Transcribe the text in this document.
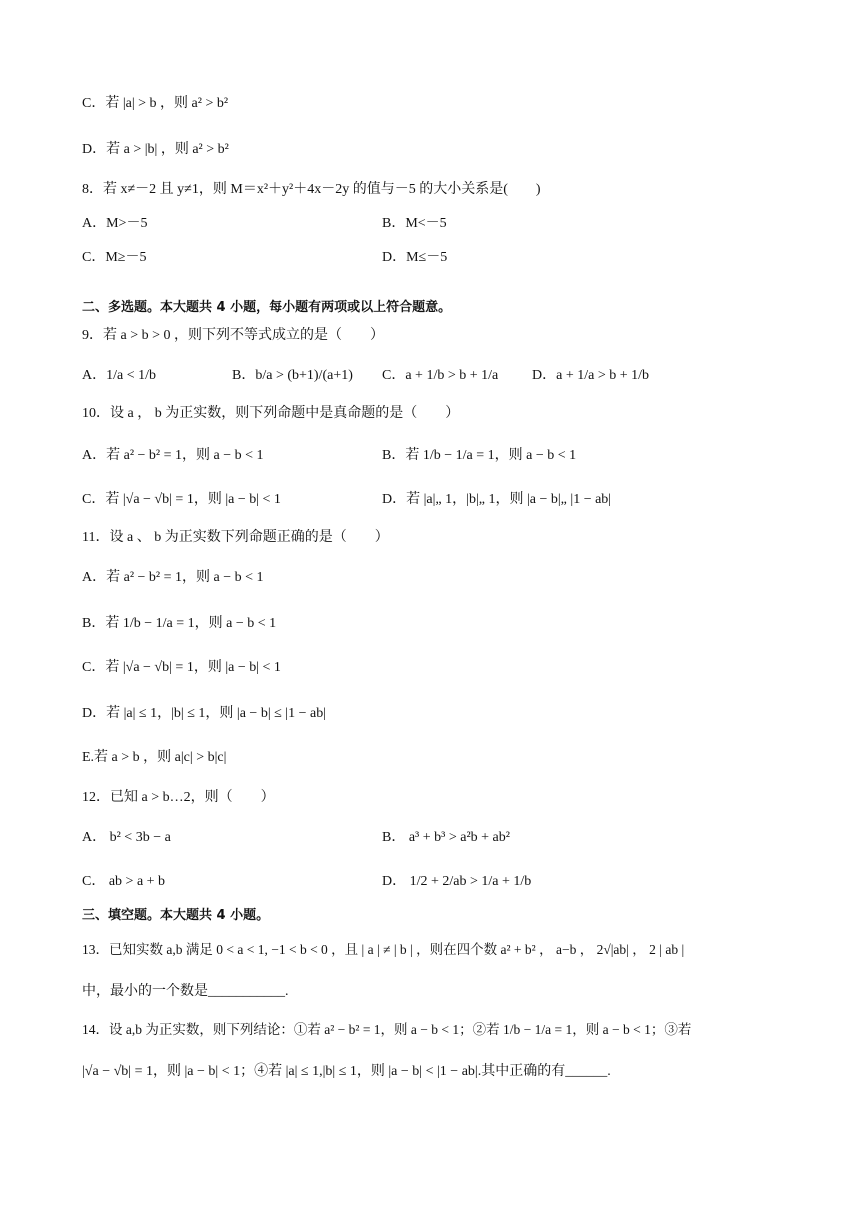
C．若 |a| > b ，则 a² > b²
D．若 a > |b| ，则 a² > b²
8．若 x≠－2 且 y≠1，则 M＝x²＋y²＋4x－2y 的值与－5 的大小关系是(　　)
A．M>－5	B．M<－5
C．M≥－5	D．M≤－5
二、多选题。本大题共 4 小题，每小题有两项或以上符合题意。
9．若 a > b > 0 ，则下列不等式成立的是（　　）
A．1/a < 1/b	B．b/a > (b+1)/(a+1) C．a + 1/b > b + 1/a D．a + 1/a > b + 1/b
10．设 a ， b 为正实数，则下列命题中是真命题的是（　　）
A．若 a² − b² = 1，则 a − b < 1	B．若 1/b − 1/a = 1，则 a − b < 1
C．若 |√a − √b| = 1，则 |a − b| < 1	D．若 |a|„ 1，|b|„ 1，则 |a − b|„ |1 − ab|
11．设 a 、 b 为正实数下列命题正确的是（　　）
A．若 a² − b² = 1，则 a − b < 1
B．若 1/b − 1/a = 1，则 a − b < 1
C．若 |√a − √b| = 1，则 |a − b| < 1
D．若 |a| ≤ 1，|b| ≤ 1，则 |a − b| ≤ |1 − ab|
E.若 a > b ，则 a|c| > b|c|
12．已知 a > b…2，则（　　）
A． b² < 3b − a	B． a³ + b³ > a²b + ab²
C． ab > a + b	D． 1/2 + 2/ab > 1/a + 1/b
三、填空题。本大题共 4 小题。
13．已知实数 a,b 满足 0 < a < 1, −1 < b < 0 ，且 | a | ≠ | b | ，则在四个数 a² + b² ， a−b ， 2√|ab| ， 2 | ab |
中，最小的一个数是___________.
14．设 a,b 为正实数，则下列结论：①若 a² − b² = 1，则 a − b < 1；②若 1/b − 1/a = 1，则 a − b < 1；③若
|√a − √b| = 1，则 |a − b| < 1；④若 |a| ≤ 1,|b| ≤ 1，则 |a − b| < |1 − ab|.其中正确的有______.
